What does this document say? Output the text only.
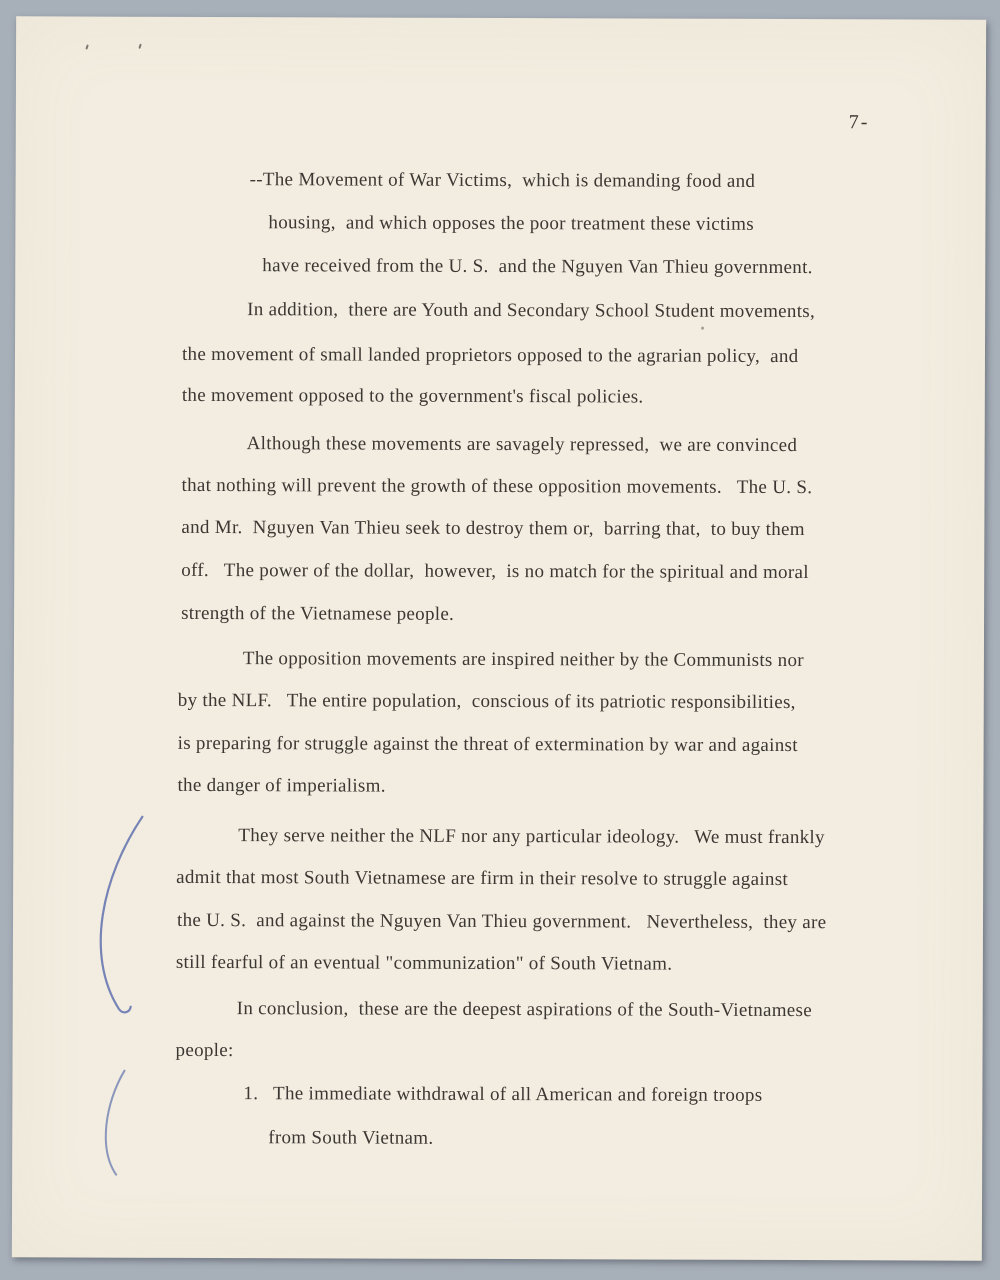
7-
--The Movement of War Victims,  which is demanding food and
housing,  and which opposes the poor treatment these victims
have received from the U. S.  and the Nguyen Van Thieu government.
In addition,  there are Youth and Secondary School Student movements,
the movement of small landed proprietors opposed to the agrarian policy,  and
the movement opposed to the government's fiscal policies.
Although these movements are savagely repressed,  we are convinced
that nothing will prevent the growth of these opposition movements.   The U. S.
and Mr.  Nguyen Van Thieu seek to destroy them or,  barring that,  to buy them
off.   The power of the dollar,  however,  is no match for the spiritual and moral
strength of the Vietnamese people.
The opposition movements are inspired neither by the Communists nor
by the NLF.   The entire population,  conscious of its patriotic responsibilities,
is preparing for struggle against the threat of extermination by war and against
the danger of imperialism.
They serve neither the NLF nor any particular ideology.   We must frankly
admit that most South Vietnamese are firm in their resolve to struggle against
the U. S.  and against the Nguyen Van Thieu government.   Nevertheless,  they are
still fearful of an eventual "communization" of South Vietnam.
In conclusion,  these are the deepest aspirations of the South-Vietnamese
people:
1.   The immediate withdrawal of all American and foreign troops
from South Vietnam.
